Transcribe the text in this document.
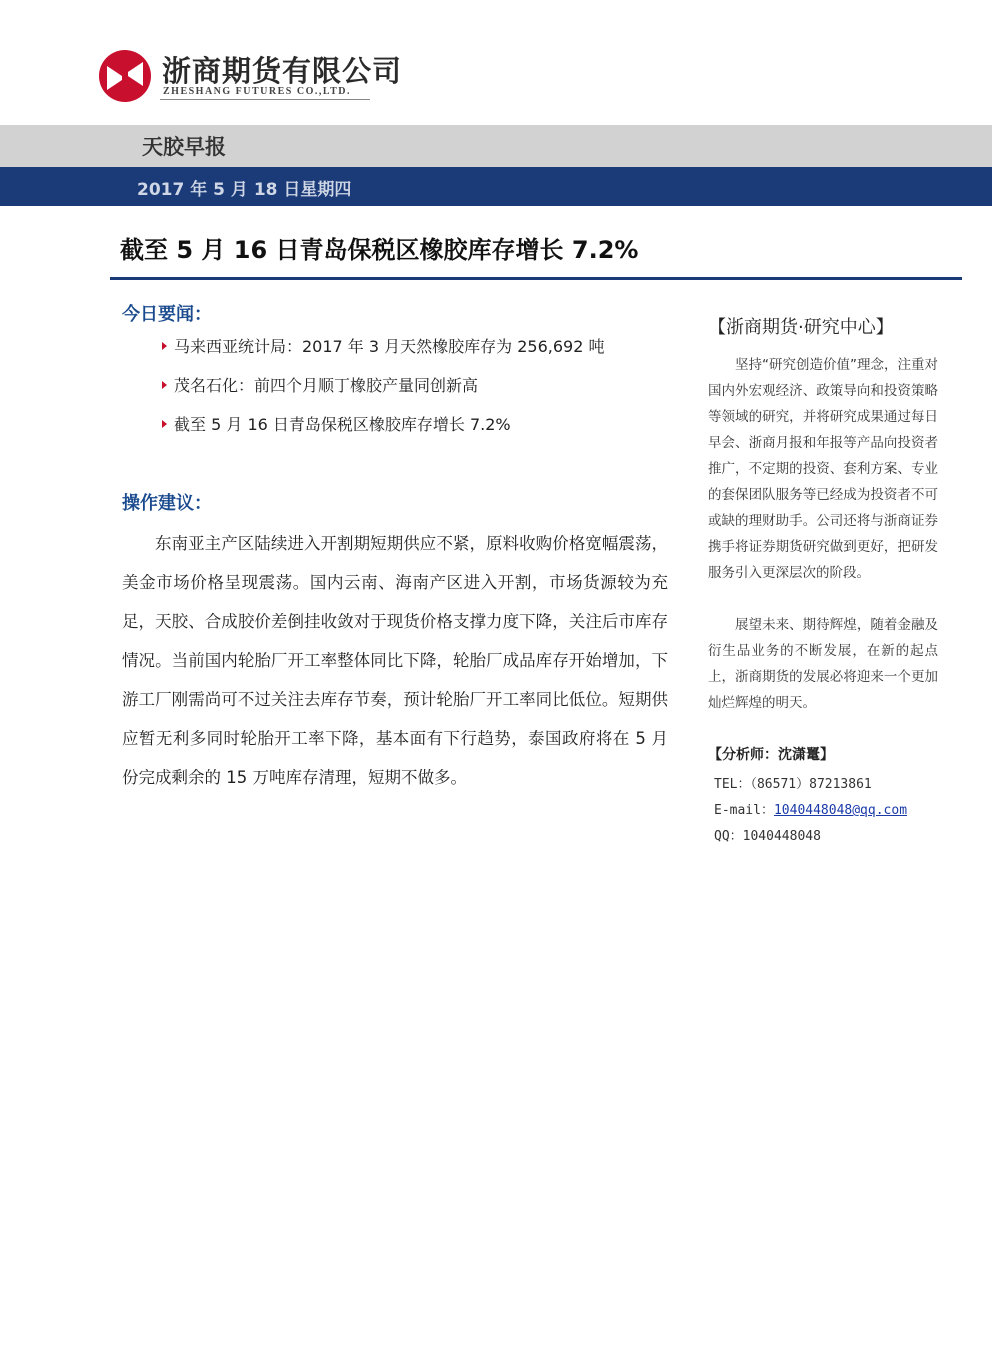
浙商期货有限公司
ZHESHANG FUTURES CO.,LTD.
天胶早报
2017 年 5 月 18 日星期四
截至 5 月 16 日青岛保税区橡胶库存增长 7.2%
今日要闻：
马来西亚统计局：2017 年 3 月天然橡胶库存为 256,692 吨
茂名石化：前四个月顺丁橡胶产量同创新高
截至 5 月 16 日青岛保税区橡胶库存增长 7.2%
操作建议：

东南亚主产区陆续进入开割期短期供应不紧，原料收购价格宽幅震荡，美金市场价格呈现震荡。国内云南、海南产区进入开割，市场货源较为充足，天胶、合成胶价差倒挂收敛对于现货价格支撑力度下降，关注后市库存情况。当前国内轮胎厂开工率整体同比下降，轮胎厂成品库存开始增加，下游工厂刚需尚可不过关注去库存节奏，预计轮胎厂开工率同比低位。短期供应暂无利多同时轮胎开工率下降，基本面有下行趋势，泰国政府将在 5 月份完成剩余的 15 万吨库存清理，短期不做多。

【浙商期货·研究中心】

坚持“研究创造价值”理念，注重对国内外宏观经济、政策导向和投资策略等领域的研究，并将研究成果通过每日早会、浙商月报和年报等产品向投资者推广，不定期的投资、套利方案、专业的套保团队服务等已经成为投资者不可或缺的理财助手。公司还将与浙商证券携手将证券期货研究做到更好，把研发服务引入更深层次的阶段。

展望未来、期待辉煌，随着金融及衍生品业务的不断发展，在新的起点上，浙商期货的发展必将迎来一个更加灿烂辉煌的明天。

【分析师：沈潇鼍】
TEL：（86571）87213861
E-mail：1040448048@qq.com
QQ：1040448048
